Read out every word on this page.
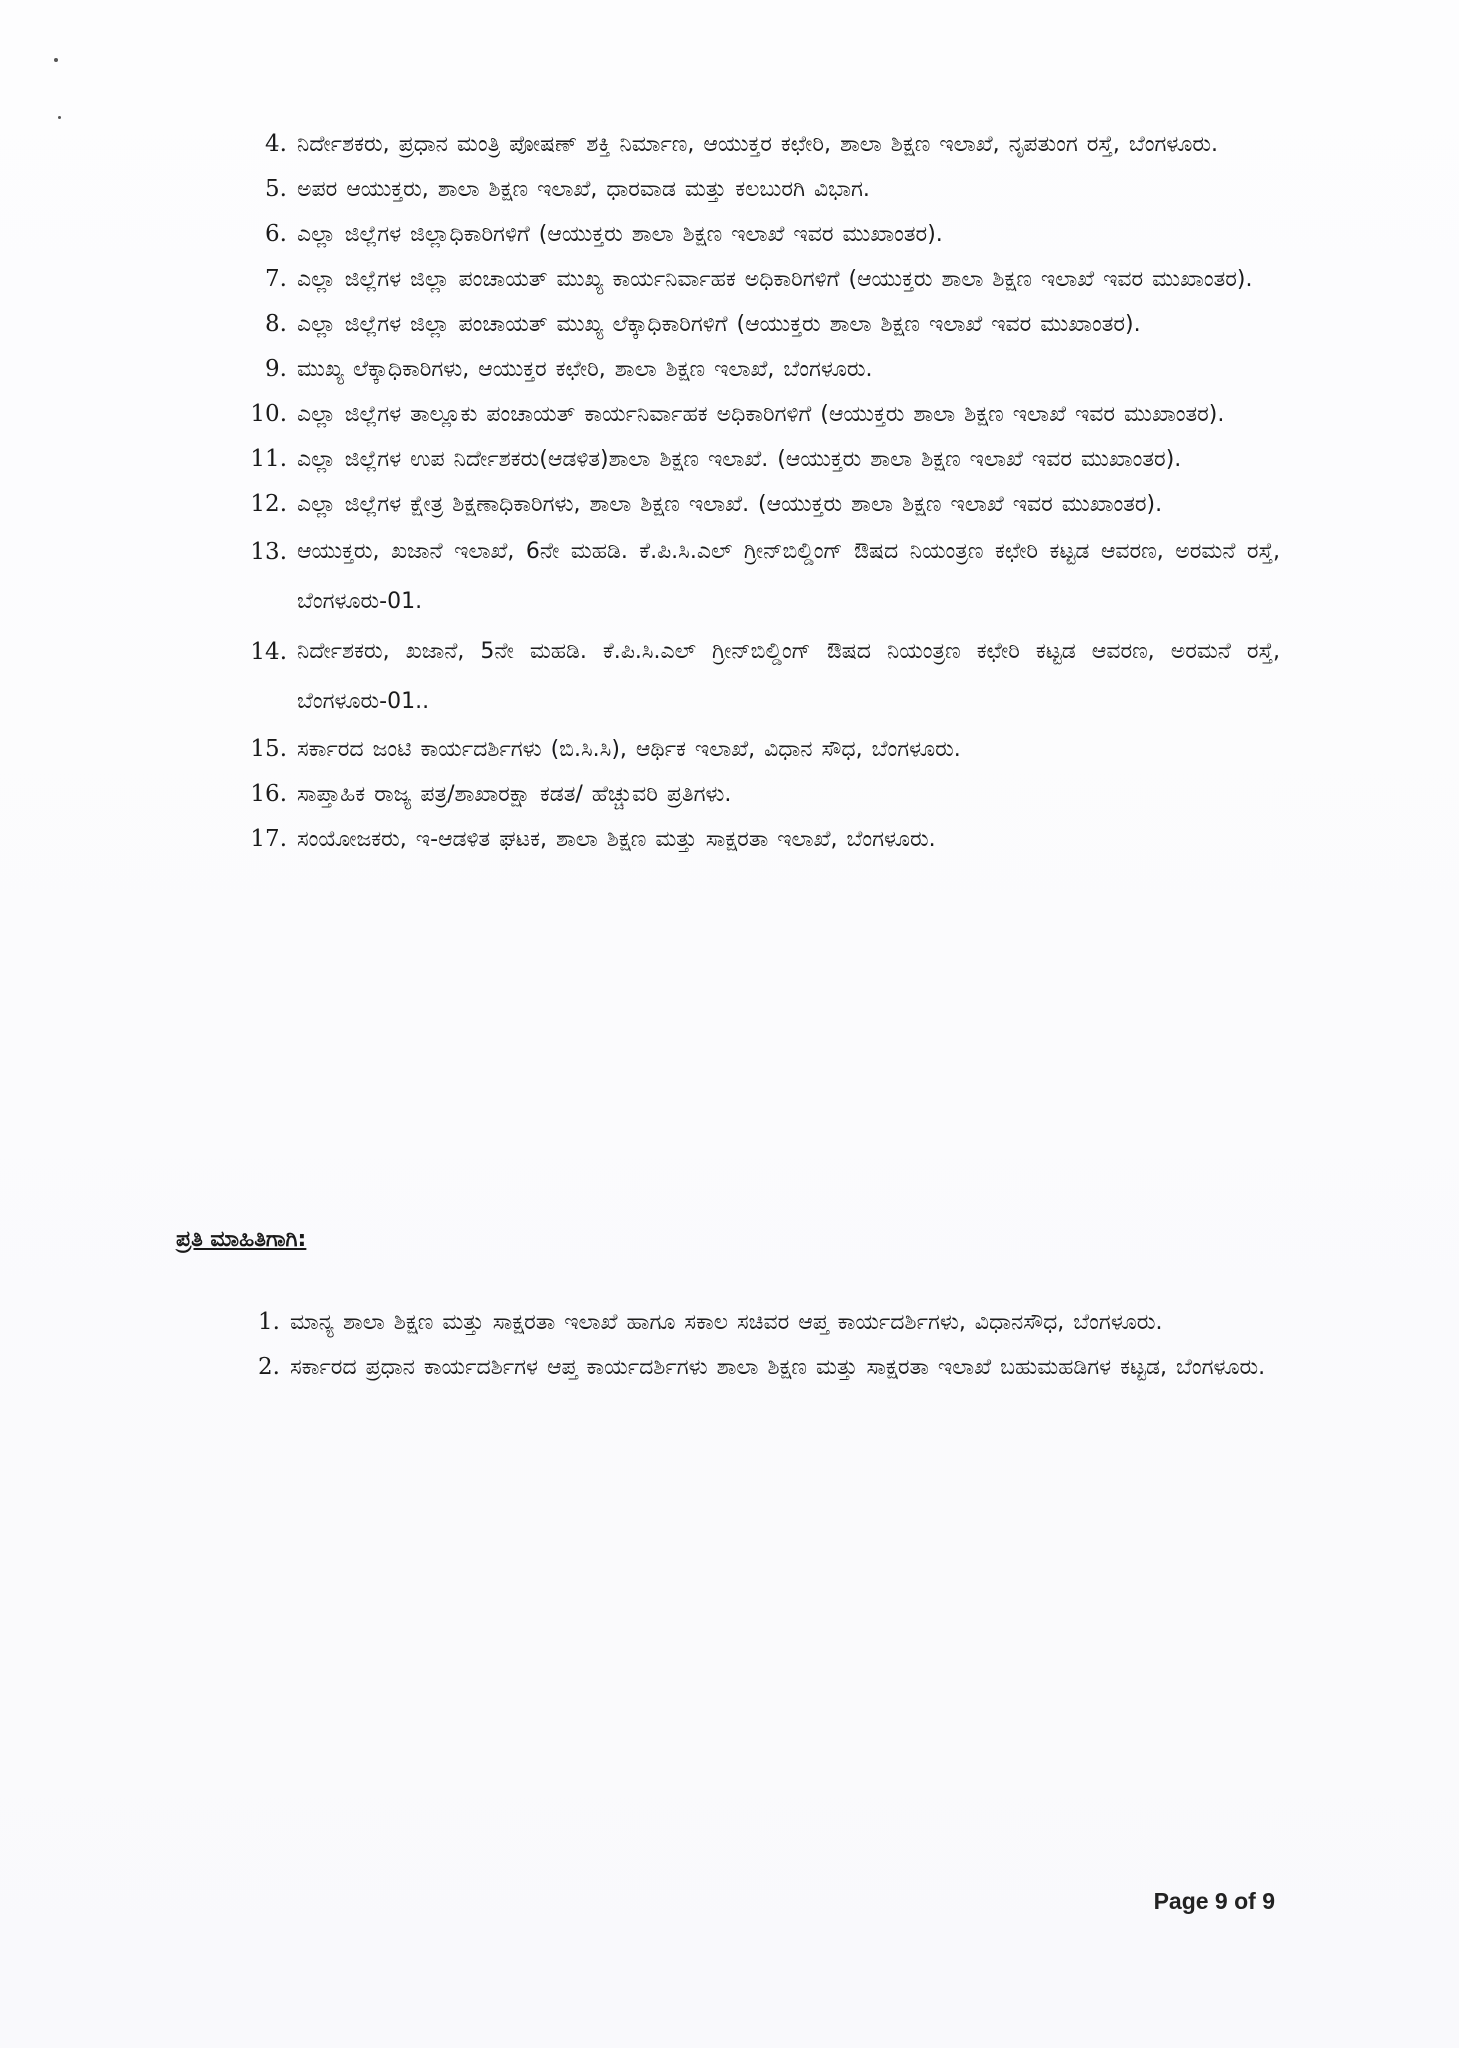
4. ನಿರ್ದೇಶಕರು, ಪ್ರಧಾನ ಮಂತ್ರಿ ಪೋಷಣ್ ಶಕ್ತಿ ನಿರ್ಮಾಣ, ಆಯುಕ್ತರ ಕಛೇರಿ, ಶಾಲಾ ಶಿಕ್ಷಣ ಇಲಾಖೆ, ನೃಪತುಂಗ ರಸ್ತೆ, ಬೆಂಗಳೂರು.
5. ಅಪರ ಆಯುಕ್ತರು, ಶಾಲಾ ಶಿಕ್ಷಣ ಇಲಾಖೆ, ಧಾರವಾಡ ಮತ್ತು ಕಲಬುರಗಿ ವಿಭಾಗ.
6. ಎಲ್ಲಾ ಜಿಲ್ಲೆಗಳ ಜಿಲ್ಲಾಧಿಕಾರಿಗಳಿಗೆ (ಆಯುಕ್ತರು ಶಾಲಾ ಶಿಕ್ಷಣ ಇಲಾಖೆ ಇವರ ಮುಖಾಂತರ).
7. ಎಲ್ಲಾ ಜಿಲ್ಲೆಗಳ ಜಿಲ್ಲಾ ಪಂಚಾಯತ್ ಮುಖ್ಯ ಕಾರ್ಯನಿರ್ವಾಹಕ ಅಧಿಕಾರಿಗಳಿಗೆ (ಆಯುಕ್ತರು ಶಾಲಾ ಶಿಕ್ಷಣ ಇಲಾಖೆ ಇವರ ಮುಖಾಂತರ).
8. ಎಲ್ಲಾ ಜಿಲ್ಲೆಗಳ ಜಿಲ್ಲಾ ಪಂಚಾಯತ್ ಮುಖ್ಯ ಲೆಕ್ಕಾಧಿಕಾರಿಗಳಿಗೆ (ಆಯುಕ್ತರು ಶಾಲಾ ಶಿಕ್ಷಣ ಇಲಾಖೆ ಇವರ ಮುಖಾಂತರ).
9. ಮುಖ್ಯ ಲೆಕ್ಕಾಧಿಕಾರಿಗಳು, ಆಯುಕ್ತರ ಕಛೇರಿ, ಶಾಲಾ ಶಿಕ್ಷಣ ಇಲಾಖೆ, ಬೆಂಗಳೂರು.
10. ಎಲ್ಲಾ ಜಿಲ್ಲೆಗಳ ತಾಲ್ಲೂಕು ಪಂಚಾಯತ್ ಕಾರ್ಯನಿರ್ವಾಹಕ ಅಧಿಕಾರಿಗಳಿಗೆ (ಆಯುಕ್ತರು ಶಾಲಾ ಶಿಕ್ಷಣ ಇಲಾಖೆ ಇವರ ಮುಖಾಂತರ).
11. ಎಲ್ಲಾ ಜಿಲ್ಲೆಗಳ ಉಪ ನಿರ್ದೇಶಕರು(ಆಡಳಿತ)ಶಾಲಾ ಶಿಕ್ಷಣ ಇಲಾಖೆ. (ಆಯುಕ್ತರು ಶಾಲಾ ಶಿಕ್ಷಣ ಇಲಾಖೆ ಇವರ ಮುಖಾಂತರ).
12. ಎಲ್ಲಾ ಜಿಲ್ಲೆಗಳ ಕ್ಷೇತ್ರ ಶಿಕ್ಷಣಾಧಿಕಾರಿಗಳು, ಶಾಲಾ ಶಿಕ್ಷಣ ಇಲಾಖೆ. (ಆಯುಕ್ತರು ಶಾಲಾ ಶಿಕ್ಷಣ ಇಲಾಖೆ ಇವರ ಮುಖಾಂತರ).
13. ಆಯುಕ್ತರು, ಖಜಾನೆ ಇಲಾಖೆ, 6ನೇ ಮಹಡಿ. ಕೆ.ಪಿ.ಸಿ.ಎಲ್ ಗ್ರೀನ್‌ಬಿಲ್ಡಿಂಗ್ ಔಷದ ನಿಯಂತ್ರಣ ಕಛೇರಿ ಕಟ್ಟಡ ಆವರಣ, ಅರಮನೆ ರಸ್ತೆ, ಬೆಂಗಳೂರು-01.
14. ನಿರ್ದೇಶಕರು, ಖಜಾನೆ, 5ನೇ ಮಹಡಿ. ಕೆ.ಪಿ.ಸಿ.ಎಲ್ ಗ್ರೀನ್‌ಬಿಲ್ಡಿಂಗ್ ಔಷದ ನಿಯಂತ್ರಣ ಕಛೇರಿ ಕಟ್ಟಡ ಆವರಣ, ಅರಮನೆ ರಸ್ತೆ, ಬೆಂಗಳೂರು-01..
15. ಸರ್ಕಾರದ ಜಂಟಿ ಕಾರ್ಯದರ್ಶಿಗಳು (ಬಿ.ಸಿ.ಸಿ), ಆರ್ಥಿಕ ಇಲಾಖೆ, ವಿಧಾನ ಸೌಧ, ಬೆಂಗಳೂರು.
16. ಸಾಪ್ತಾಹಿಕ ರಾಜ್ಯ ಪತ್ರ/ಶಾಖಾರಕ್ಷಾ ಕಡತ/ ಹೆಚ್ಚುವರಿ ಪ್ರತಿಗಳು.
17. ಸಂಯೋಜಕರು, ಇ-ಆಡಳಿತ ಘಟಕ, ಶಾಲಾ ಶಿಕ್ಷಣ ಮತ್ತು ಸಾಕ್ಷರತಾ ಇಲಾಖೆ, ಬೆಂಗಳೂರು.
ಪ್ರತಿ ಮಾಹಿತಿಗಾಗಿ:
1. ಮಾನ್ಯ ಶಾಲಾ ಶಿಕ್ಷಣ ಮತ್ತು ಸಾಕ್ಷರತಾ ಇಲಾಖೆ ಹಾಗೂ ಸಕಾಲ ಸಚಿವರ ಆಪ್ತ ಕಾರ್ಯದರ್ಶಿಗಳು, ವಿಧಾನಸೌಧ, ಬೆಂಗಳೂರು.
2. ಸರ್ಕಾರದ ಪ್ರಧಾನ ಕಾರ್ಯದರ್ಶಿಗಳ ಆಪ್ತ ಕಾರ್ಯದರ್ಶಿಗಳು ಶಾಲಾ ಶಿಕ್ಷಣ ಮತ್ತು ಸಾಕ್ಷರತಾ ಇಲಾಖೆ ಬಹುಮಹಡಿಗಳ ಕಟ್ಟಡ, ಬೆಂಗಳೂರು.
Page 9 of 9
